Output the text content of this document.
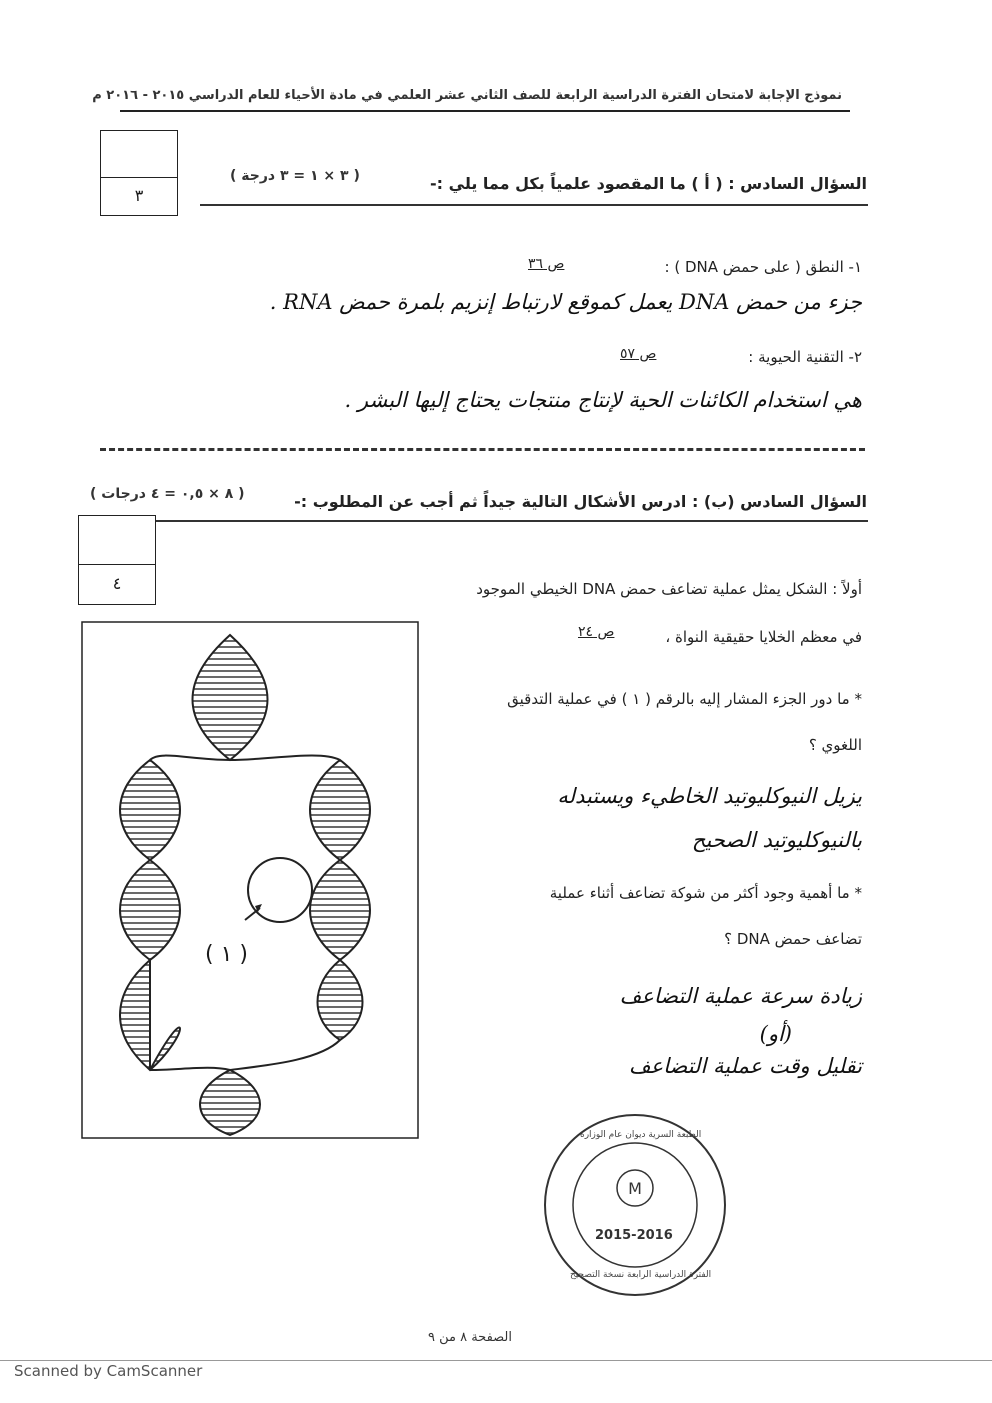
نموذج الإجابة لامتحان الفترة الدراسية الرابعة للصف الثاني عشر العلمي في مادة الأحياء للعام الدراسي ٢٠١٥ - ٢٠١٦ م
٣
السؤال السادس : ( أ ) ما المقصود علمياً بكل مما يلي :-
( ٣ × ١ = ٣ درجة )
١- النطق ( على حمض DNA ) :
ص ٣٦
جزء من حمض DNA يعمل كموقع لارتباط إنزيم بلمرة حمض RNA .
٢- التقنية الحيوية :
ص ٥٧
هي استخدام الكائنات الحية لإنتاج منتجات يحتاج إليها البشر .
السؤال السادس (ب) : ادرس الأشكال التالية جيداً ثم أجب عن المطلوب :-
( ٨ × ٠,٥ = ٤ درجات )
٤	أولاً : الشكل يمثل عملية تضاعف حمض DNA الخيطي الموجود
في معظم الخلايا حقيقية النواة ،
ص ٢٤
* ما دور الجزء المشار إليه بالرقم ( ١ ) في عملية التدقيق
اللغوي ؟
يزيل النيوكليوتيد الخاطيء ويستبدله
بالنيوكليوتيد الصحيح
* ما أهمية وجود أكثر من شوكة تضاعف أثناء عملية
تضاعف حمض DNA ؟
زيادة سرعة عملية التضاعف
(أو)
تقليل وقت عملية التضاعف
( ١ )
M
2015-2016
الطبعة السرية ديوان عام الوزارة
الفترة الدراسية الرابعة نسخة التصحيح
الصفحة ٨ من ٩
Scanned by CamScanner
